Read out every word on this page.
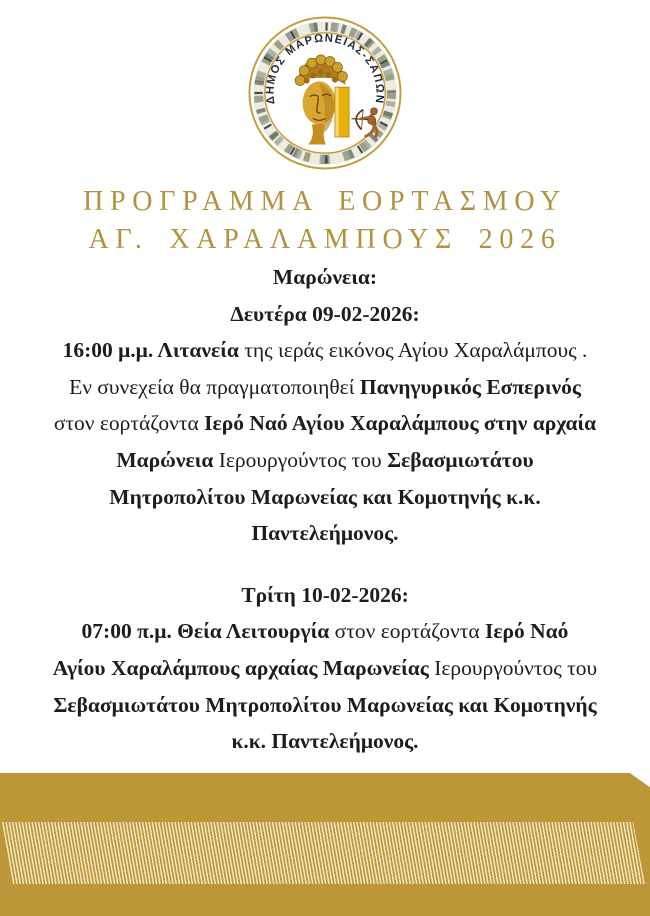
ΔΗΜΟΣ ΜΑΡΩΝΕΙΑΣ-ΣΑΠΩΝ
ΠΡΟΓΡΑΜΜΑ ΕΟΡΤΑΣΜΟΥ
ΑΓ. ΧΑΡΑΛΑΜΠΟΥΣ 2026

Μαρώνεια:
Δευτέρα 09-02-2026:
16:00 μ.μ. Λιτανεία της ιεράς εικόνος Αγίου Χαραλάμπους .
Εν συνεχεία θα πραγματοποιηθεί Πανηγυρικός Εσπερινός
στον εορτάζοντα Ιερό Ναό Αγίου Χαραλάμπους στην αρχαία
Μαρώνεια Ιερουργούντος του Σεβασμιωτάτου
Μητροπολίτου Μαρωνείας και Κομοτηνής κ.κ.
Παντελεήμονος.

Τρίτη 10-02-2026:
07:00 π.μ. Θεία Λειτουργία στον εορτάζοντα Ιερό Ναό
Αγίου Χαραλάμπους αρχαίας Μαρωνείας Ιερουργούντος του
Σεβασμιωτάτου Μητροπολίτου Μαρωνείας και Κομοτηνής
κ.κ. Παντελεήμονος.
